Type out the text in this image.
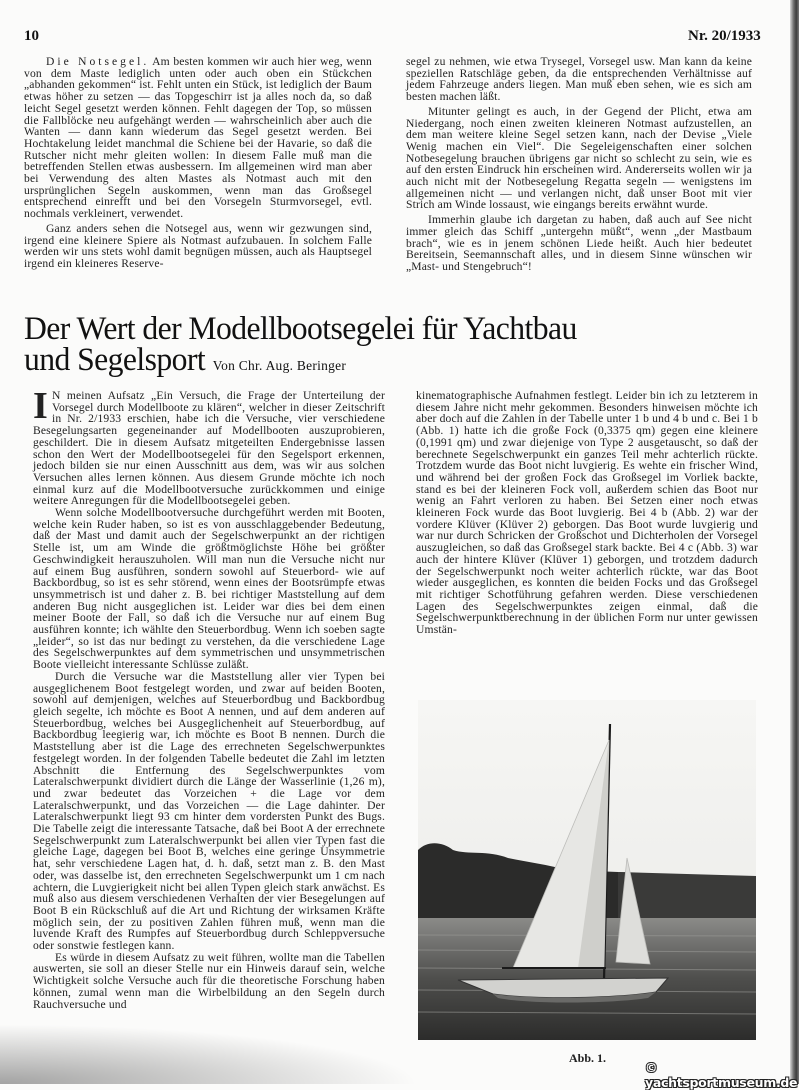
10	Nr. 20/1933

Die Notsegel. Am besten kommen wir auch hier weg, wenn von dem Maste lediglich unten oder auch oben ein Stückchen „abhanden gekommen“ ist. Fehlt unten ein Stück, ist lediglich der Baum etwas höher zu setzen — das Topgeschirr ist ja alles noch da, so daß leicht Segel gesetzt werden können. Fehlt dagegen der Top, so müssen die Fallblöcke neu aufgehängt werden — wahrscheinlich aber auch die Wanten — dann kann wiederum das Segel gesetzt werden. Bei Hochtakelung leidet manchmal die Schiene bei der Havarie, so daß die Rutscher nicht mehr gleiten wollen: In diesem Falle muß man die betreffenden Stellen etwas ausbessern. Im allgemeinen wird man aber bei Verwendung des alten Mastes als Notmast auch mit den ursprünglichen Segeln auskommen, wenn man das Großsegel entsprechend einrefft und bei den Vorsegeln Sturmvorsegel, evtl. nochmals verkleinert, verwendet.

Ganz anders sehen die Notsegel aus, wenn wir gezwungen sind, irgend eine kleinere Spiere als Notmast aufzubauen. In solchem Falle werden wir uns stets wohl damit begnügen müssen, auch als Hauptsegel irgend ein kleineres Reserve-

segel zu nehmen, wie etwa Trysegel, Vorsegel usw. Man kann da keine speziellen Ratschläge geben, da die entsprechenden Verhältnisse auf jedem Fahrzeuge anders liegen. Man muß eben sehen, wie es sich am besten machen läßt.

Mitunter gelingt es auch, in der Gegend der Plicht, etwa am Niedergang, noch einen zweiten kleineren Notmast aufzustellen, an dem man weitere kleine Segel setzen kann, nach der Devise „Viele Wenig machen ein Viel“. Die Segeleigenschaften einer solchen Notbesegelung brauchen übrigens gar nicht so schlecht zu sein, wie es auf den ersten Eindruck hin erscheinen wird. Andererseits wollen wir ja auch nicht mit der Notbesegelung Regatta segeln — wenigstens im allgemeinen nicht — und verlangen nicht, daß unser Boot mit vier Strich am Winde lossaust, wie eingangs bereits erwähnt wurde.

Immerhin glaube ich dargetan zu haben, daß auch auf See nicht immer gleich das Schiff „untergehn müßt“, wenn „der Mastbaum brach“, wie es in jenem schönen Liede heißt. Auch hier bedeutet Bereitsein, Seemannschaft alles, und in diesem Sinne wünschen wir „Mast- und Stengebruch“!

Der Wert der Modellbootsegelei für Yachtbau
und Segelsport Von Chr. Aug. Beringer

I N meinen Aufsatz „Ein Versuch, die Frage der Unterteilung der Vorsegel durch Modellboote zu klären“, welcher in dieser Zeitschrift in Nr. 2/1933 erschien, habe ich die Versuche, vier verschiedene Besegelungsarten gegeneinander auf Modellbooten auszuprobieren, geschildert. Die in diesem Aufsatz mitgeteilten Endergebnisse lassen schon den Wert der Modellbootsegelei für den Segelsport erkennen, jedoch bilden sie nur einen Ausschnitt aus dem, was wir aus solchen Versuchen alles lernen können. Aus diesem Grunde möchte ich noch einmal kurz auf die Modellbootversuche zurückkommen und einige weitere Anregungen für die Modellbootsegelei geben.

Wenn solche Modellbootversuche durchgeführt werden mit Booten, welche kein Ruder haben, so ist es von ausschlaggebender Bedeutung, daß der Mast und damit auch der Segelschwerpunkt an der richtigen Stelle ist, um am Winde die größtmöglichste Höhe bei größter Geschwindigkeit herauszuholen. Will man nun die Versuche nicht nur auf einem Bug ausführen, sondern sowohl auf Steuerbord- wie auf Backbordbug, so ist es sehr störend, wenn eines der Bootsrümpfe etwas unsymmetrisch ist und daher z. B. bei richtiger Maststellung auf dem anderen Bug nicht ausgeglichen ist. Leider war dies bei dem einen meiner Boote der Fall, so daß ich die Versuche nur auf einem Bug ausführen konnte; ich wählte den Steuerbordbug. Wenn ich soeben sagte „leider“, so ist das nur bedingt zu verstehen, da die verschiedene Lage des Segelschwerpunktes auf dem symmetrischen und unsymmetrischen Boote vielleicht interessante Schlüsse zuläßt.

Durch die Versuche war die Maststellung aller vier Typen bei ausgeglichenem Boot festgelegt worden, und zwar auf beiden Booten, sowohl auf demjenigen, welches auf Steuerbordbug und Backbordbug gleich segelte, ich möchte es Boot A nennen, und auf dem anderen auf Steuerbordbug, welches bei Ausgeglichenheit auf Steuerbordbug, auf Backbordbug leegierig war, ich möchte es Boot B nennen. Durch die Maststellung aber ist die Lage des errechneten Segelschwerpunktes festgelegt worden. In der folgenden Tabelle bedeutet die Zahl im letzten Abschnitt die Entfernung des Segelschwerpunktes vom Lateralschwerpunkt dividiert durch die Länge der Wasserlinie (1,26 m), und zwar bedeutet das Vorzeichen + die Lage vor dem Lateralschwerpunkt, und das Vorzeichen — die Lage dahinter. Der Lateralschwerpunkt liegt 93 cm hinter dem vordersten Punkt des Bugs. Die Tabelle zeigt die interessante Tatsache, daß bei Boot A der errechnete Segelschwerpunkt zum Lateralschwerpunkt bei allen vier Typen fast die gleiche Lage, dagegen bei Boot B, welches eine geringe Unsymmetrie hat, sehr verschiedene Lagen hat, d. h. daß, setzt man z. B. den Mast oder, was dasselbe ist, den errechneten Segelschwerpunkt um 1 cm nach achtern, die Luvgierigkeit nicht bei allen Typen gleich stark anwächst. Es muß also aus diesem verschiedenen Verhalten der vier Besegelungen auf Boot B ein Rückschluß auf die Art und Richtung der wirksamen Kräfte möglich sein, der zu positiven Zahlen führen muß, wenn man die luvende Kraft des Rumpfes auf Steuerbordbug durch Schleppversuche oder sonstwie festlegen kann.

Es würde in diesem Aufsatz zu weit führen, wollte man die Tabellen auswerten, sie soll an dieser Stelle nur ein Hinweis darauf sein, welche Wichtigkeit solche Versuche auch für die theoretische Forschung haben können, zumal wenn man die Wirbelbildung an den Segeln durch Rauchversuche und

kinematographische Aufnahmen festlegt. Leider bin ich zu letzterem in diesem Jahre nicht mehr gekommen. Besonders hinweisen möchte ich aber doch auf die Zahlen in der Tabelle unter 1 b und 4 b und c. Bei 1 b (Abb. 1) hatte ich die große Fock (0,3375 qm) gegen eine kleinere (0,1991 qm) und zwar diejenige von Type 2 ausgetauscht, so daß der berechnete Segelschwerpunkt ein ganzes Teil mehr achterlich rückte. Trotzdem wurde das Boot nicht luvgierig. Es wehte ein frischer Wind, und während bei der großen Fock das Großsegel im Vorliek backte, stand es bei der kleineren Fock voll, außerdem schien das Boot nur wenig an Fahrt verloren zu haben. Bei Setzen einer noch etwas kleineren Fock wurde das Boot luvgierig. Bei 4 b (Abb. 2) war der vordere Klüver (Klüver 2) geborgen. Das Boot wurde luvgierig und war nur durch Schricken der Großschot und Dichterholen der Vorsegel auszugleichen, so daß das Großsegel stark backte. Bei 4 c (Abb. 3) war auch der hintere Klüver (Klüver 1) geborgen, und trotzdem dadurch der Segelschwerpunkt noch weiter achterlich rückte, war das Boot wieder ausgeglichen, es konnten die beiden Focks und das Großsegel mit richtiger Schotführung gefahren werden. Diese verschiedenen Lagen des Segelschwerpunktes zeigen einmal, daß die Segelschwerpunktberechnung in der üblichen Form nur unter gewissen Umstän-

Abb. 1.
© yachtsportmuseum.de
